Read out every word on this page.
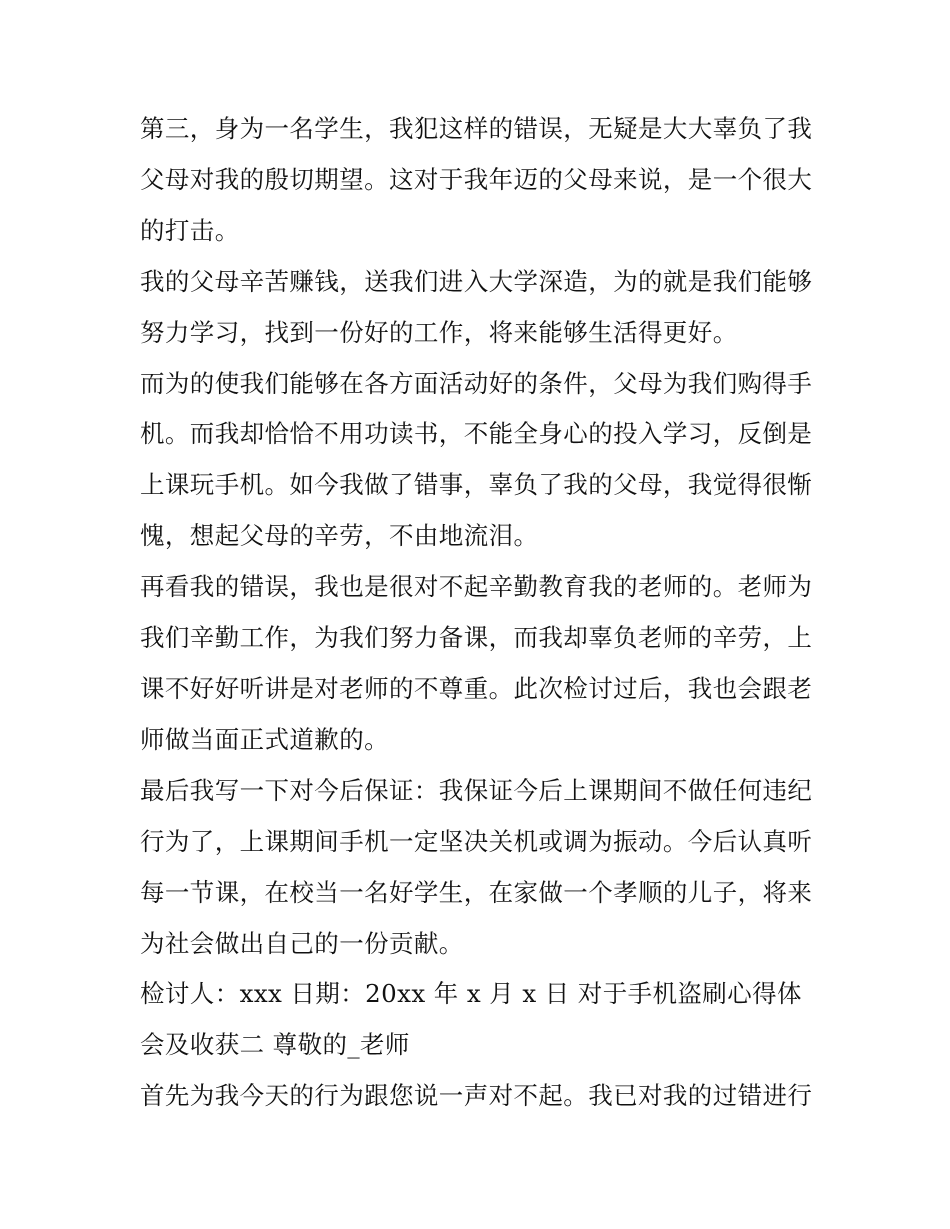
第三，身为一名学生，我犯这样的错误，无疑是大大辜负了我父母对我的殷切期望。这对于我年迈的父母来说，是一个很大的打击。

我的父母辛苦赚钱，送我们进入大学深造，为的就是我们能够努力学习，找到一份好的工作，将来能够生活得更好。

而为的使我们能够在各方面活动好的条件，父母为我们购得手机。而我却恰恰不用功读书，不能全身心的投入学习，反倒是上课玩手机。如今我做了错事，辜负了我的父母，我觉得很惭愧，想起父母的辛劳，不由地流泪。

再看我的错误，我也是很对不起辛勤教育我的老师的。老师为我们辛勤工作，为我们努力备课，而我却辜负老师的辛劳，上课不好好听讲是对老师的不尊重。此次检讨过后，我也会跟老师做当面正式道歉的。

最后我写一下对今后保证：我保证今后上课期间不做任何违纪行为了，上课期间手机一定坚决关机或调为振动。今后认真听每一节课，在校当一名好学生，在家做一个孝顺的儿子，将来为社会做出自己的一份贡献。

检讨人：xxx 日期：20xx 年 x 月 x 日 对于手机盗刷心得体会及收获二 尊敬的_老师

首先为我今天的行为跟您说一声对不起。我已对我的过错进行
